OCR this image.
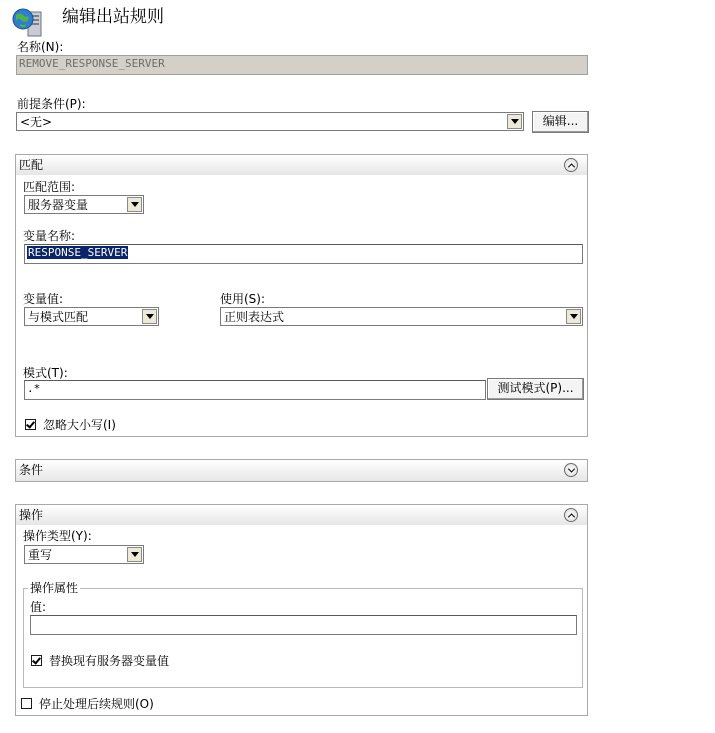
编辑出站规则
名称(N):
REMOVE_RESPONSE_SERVER
前提条件(P):
<无>	编辑...
匹配
匹配范围:
服务器变量
变量名称:
RESPONSE_SERVER
变量值:
与模式匹配
使用(S):
正则表达式
模式(T):
.*	测试模式(P)...
忽略大小写(I)
条件
操作
操作类型(Y):
重写
操作属性
值:
替换现有服务器变量值
停止处理后续规则(O)
